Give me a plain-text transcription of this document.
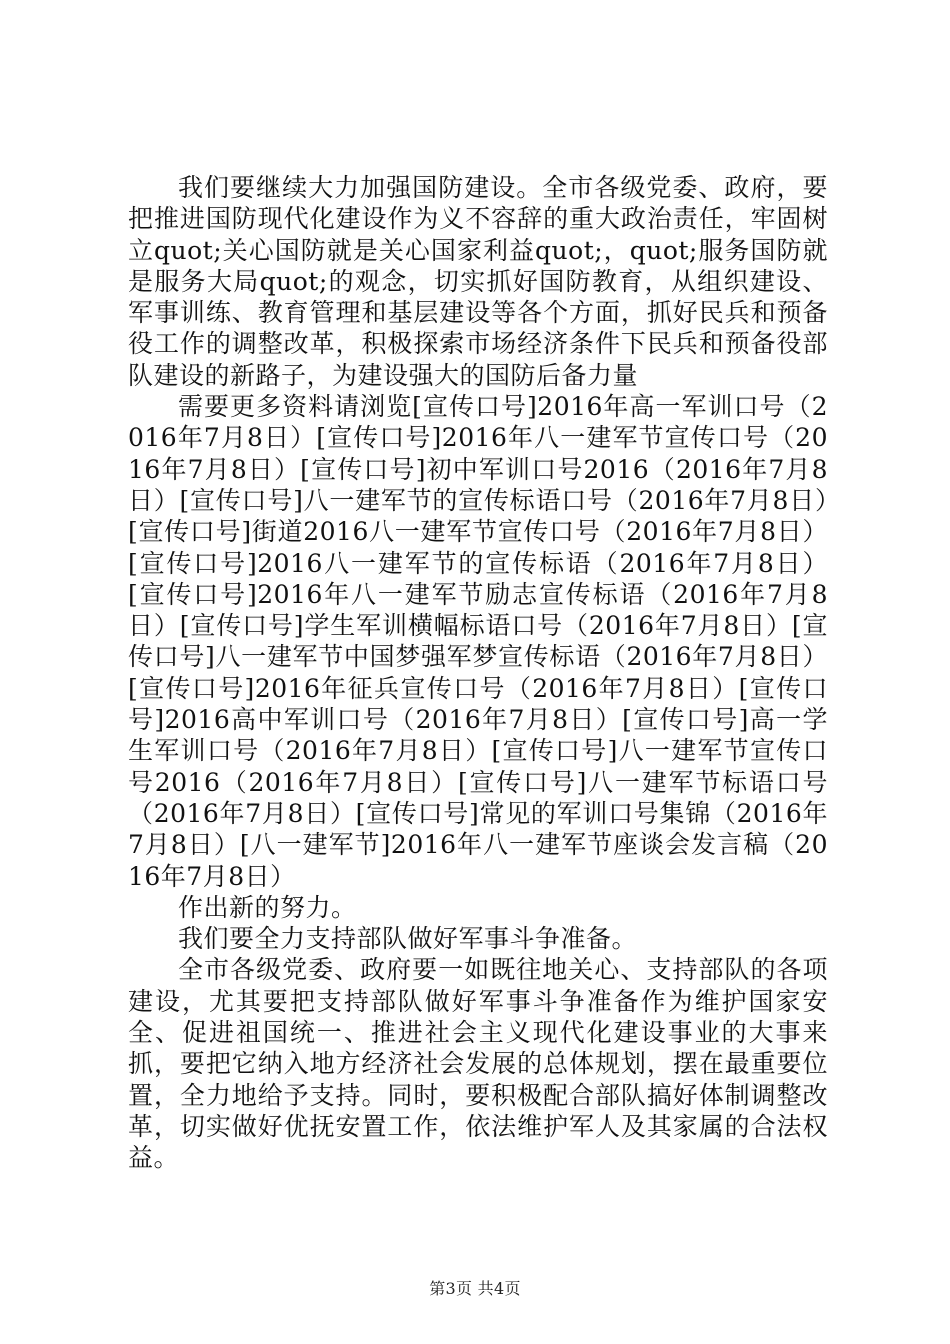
我们要继续大力加强国防建设。全市各级党委、政府，要把推进国防现代化建设作为义不容辞的重大政治责任，牢固树立quot;关心国防就是关心国家利益quot;，quot;服务国防就是服务大局quot;的观念，切实抓好国防教育，从组织建设、军事训练、教育管理和基层建设等各个方面，抓好民兵和预备役工作的调整改革，积极探索市场经济条件下民兵和预备役部队建设的新路子，为建设强大的国防后备力量

需要更多资料请浏览[宣传口号]2016年高一军训口号（2016年7月8日）[宣传口号]2016年八一建军节宣传口号（2016年7月8日）[宣传口号]初中军训口号2016（2016年7月8日）[宣传口号]八一建军节的宣传标语口号（2016年7月8日）[宣传口号]街道2016八一建军节宣传口号（2016年7月8日）[宣传口号]2016八一建军节的宣传标语（2016年7月8日）[宣传口号]2016年八一建军节励志宣传标语（2016年7月8日）[宣传口号]学生军训横幅标语口号（2016年7月8日）[宣传口号]八一建军节中国梦强军梦宣传标语（2016年7月8日）[宣传口号]2016年征兵宣传口号（2016年7月8日）[宣传口号]2016高中军训口号（2016年7月8日）[宣传口号]高一学生军训口号（2016年7月8日）[宣传口号]八一建军节宣传口号2016（2016年7月8日）[宣传口号]八一建军节标语口号（2016年7月8日）[宣传口号]常见的军训口号集锦（2016年7月8日）[八一建军节]2016年八一建军节座谈会发言稿（2016年7月8日）

作出新的努力。

我们要全力支持部队做好军事斗争准备。

全市各级党委、政府要一如既往地关心、支持部队的各项建设，尤其要把支持部队做好军事斗争准备作为维护国家安全、促进祖国统一、推进社会主义现代化建设事业的大事来抓，要把它纳入地方经济社会发展的总体规划，摆在最重要位置，全力地给予支持。同时，要积极配合部队搞好体制调整改革，切实做好优抚安置工作，依法维护军人及其家属的合法权益。

第3页 共4页
